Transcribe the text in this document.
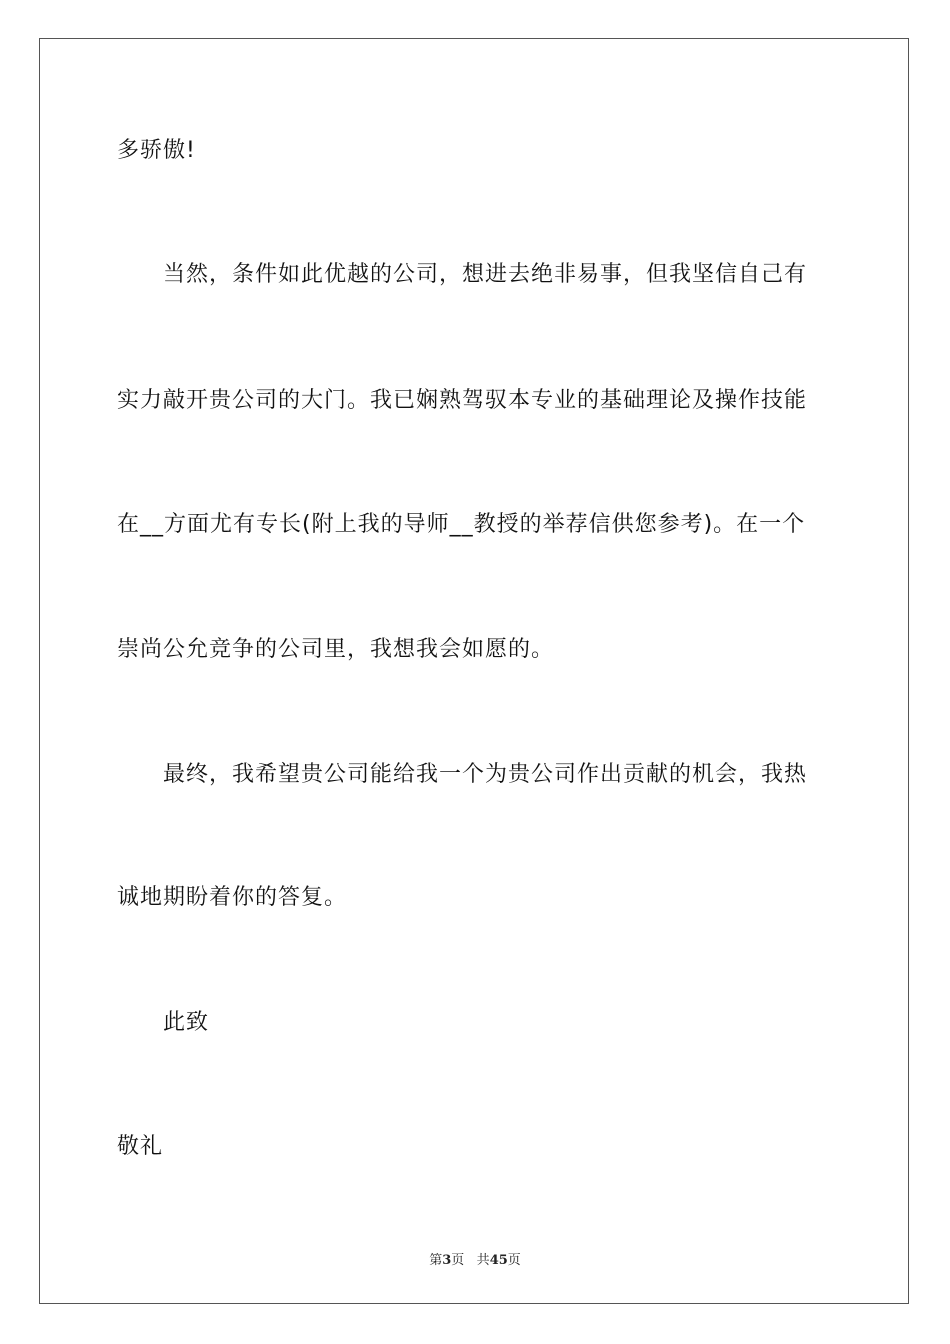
多骄傲!
当然，条件如此优越的公司，想进去绝非易事，但我坚信自己有
实力敲开贵公司的大门。我已娴熟驾驭本专业的基础理论及操作技能
在__方面尤有专长(附上我的导师__教授的举荐信供您参考)。在一个
崇尚公允竞争的公司里，我想我会如愿的。
最终，我希望贵公司能给我一个为贵公司作出贡献的机会，我热
诚地期盼着你的答复。
此致
敬礼
第3页 共45页
